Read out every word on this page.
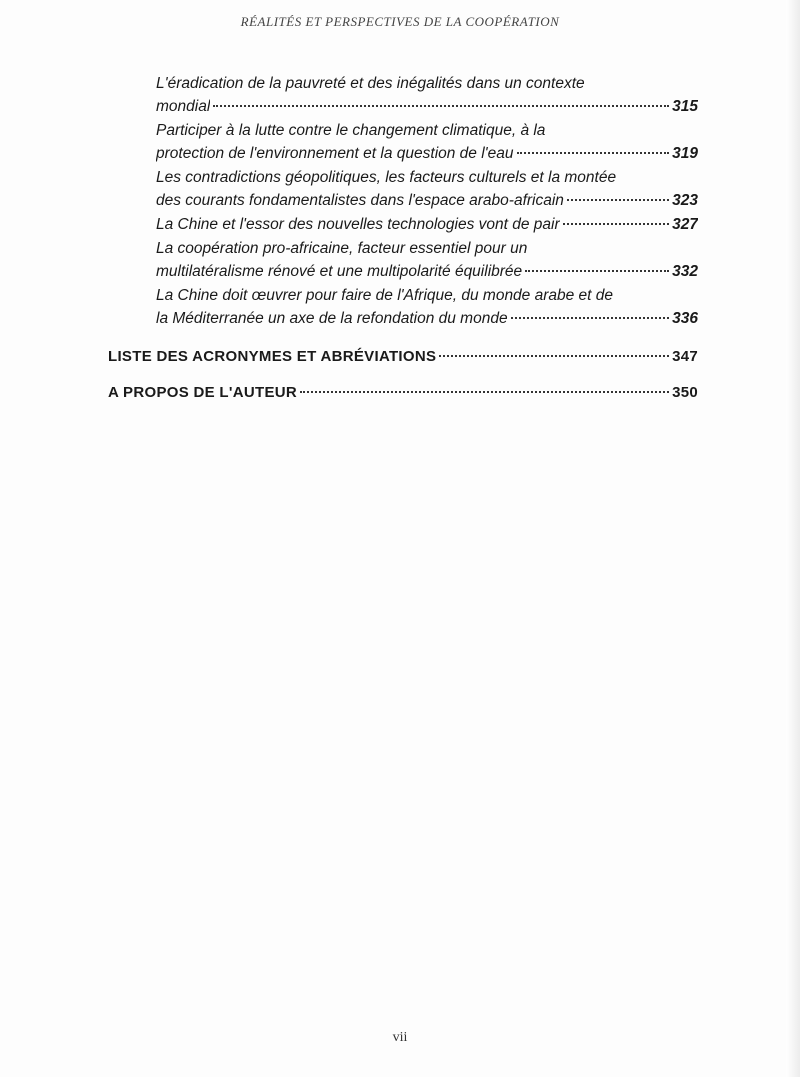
RÉALITÉS ET PERSPECTIVES DE LA COOPÉRATION
L'éradication de la pauvreté et des inégalités dans un contexte
mondial	315
Participer à la lutte contre le changement climatique, à la
protection de l'environnement et la question de l'eau	319
Les contradictions géopolitiques, les facteurs culturels et la montée
des courants fondamentalistes dans l'espace arabo-africain	323
La Chine et l'essor des nouvelles technologies vont de pair	327
La coopération pro-africaine, facteur essentiel pour un
multilatéralisme rénové et une multipolarité équilibrée	332
La Chine doit œuvrer pour faire de l'Afrique, du monde arabe et de
la Méditerranée un axe de la refondation du monde	336
LISTE DES ACRONYMES ET ABRÉVIATIONS	347
A PROPOS DE L'AUTEUR	350
vii
